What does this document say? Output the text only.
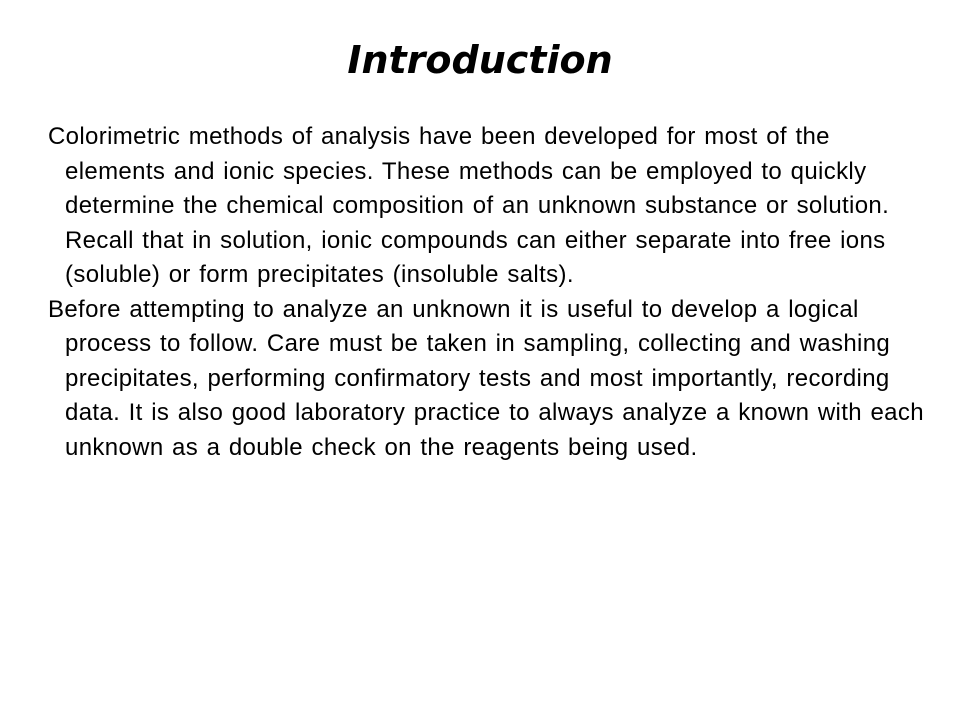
Introduction

Colorimetric methods of analysis have been developed for most of the elements and ionic species. These methods can be employed to quickly determine the chemical composition of an unknown substance or solution. Recall that in solution, ionic compounds can either separate into free ions (soluble) or form precipitates (insoluble salts).

Before attempting to analyze an unknown it is useful to develop a logical process to follow. Care must be taken in sampling, collecting and washing precipitates, performing confirmatory tests and most importantly, recording data. It is also good laboratory practice to always analyze a known with each unknown as a double check on the reagents being used.
